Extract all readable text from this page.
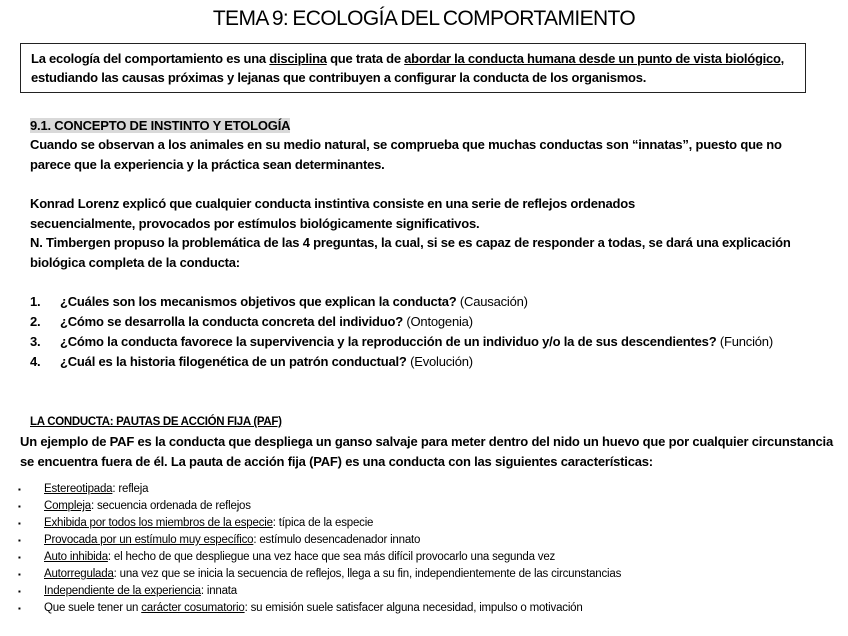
TEMA 9: ECOLOGÍA DEL COMPORTAMIENTO
La ecología del comportamiento es una disciplina que trata de abordar la conducta humana desde un punto de vista biológico, estudiando las causas próximas y lejanas que contribuyen a configurar la conducta de los organismos.
9.1. CONCEPTO DE INSTINTO Y ETOLOGÍA
Cuando se observan a los animales en su medio natural, se comprueba que muchas conductas son “innatas”, puesto que no parece que la experiencia y la práctica sean determinantes.
Konrad Lorenz explicó que cualquier conducta instintiva consiste en una serie de reflejos ordenados secuencialmente, provocados por estímulos biológicamente significativos.
N. Timbergen propuso la problemática de las 4 preguntas, la cual, si se es capaz de responder a todas, se dará una explicación biológica completa de la conducta:
1.	¿Cuáles son los mecanismos objetivos que explican la conducta? (Causación)
2.	¿Cómo se desarrolla la conducta concreta del individuo? (Ontogenia)
3.	¿Cómo la conducta favorece la supervivencia y la reproducción de un individuo y/o la de sus descendientes? (Función)
4.	¿Cuál es la historia filogenética de un patrón conductual? (Evolución)
LA CONDUCTA: PAUTAS DE ACCIÓN FIJA (PAF)
Un ejemplo de PAF es la conducta que despliega un ganso salvaje para meter dentro del nido un huevo que por cualquier circunstancia se encuentra fuera de él. La pauta de acción fija (PAF) es una conducta con las siguientes características:
▪	Estereotipada: refleja
▪	Compleja: secuencia ordenada de reflejos
▪	Exhibida por todos los miembros de la especie: típica de la especie
▪	Provocada por un estímulo muy específico: estímulo desencadenador innato
▪	Auto inhibida: el hecho de que despliegue una vez hace que sea más difícil provocarlo una segunda vez
▪	Autorregulada: una vez que se inicia la secuencia de reflejos, llega a su fin, independientemente de las circunstancias
▪	Independiente de la experiencia: innata
▪	Que suele tener un carácter cosumatorio: su emisión suele satisfacer alguna necesidad, impulso o motivación
